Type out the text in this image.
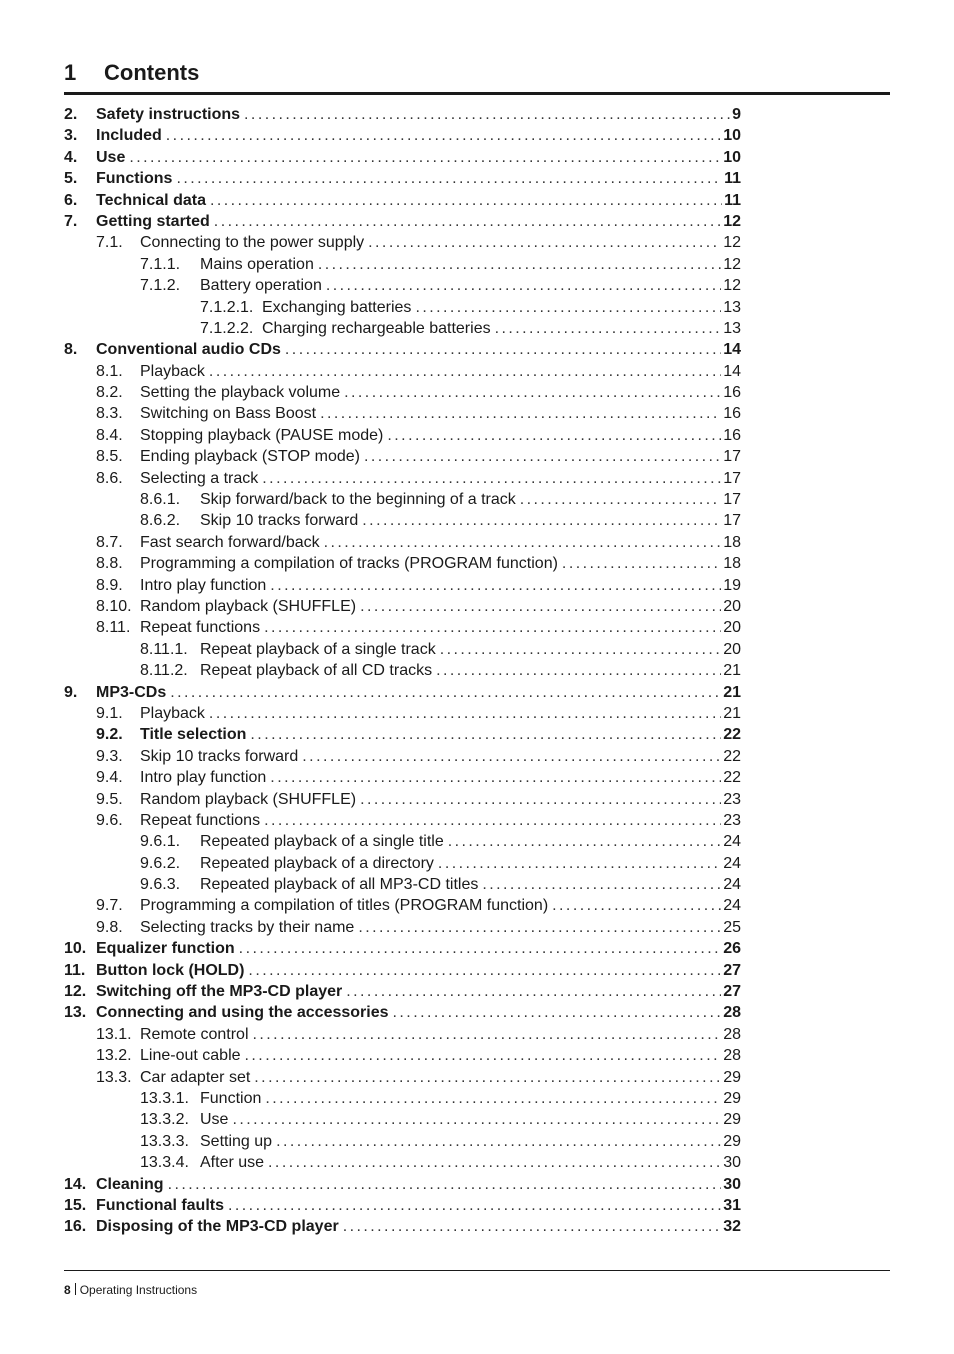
1	Contents
2.	Safety instructions . . .	9
3.	Included . . .	10
4.	Use . . .	10
5.	Functions . . .	11
6.	Technical data . . .	11
7.	Getting started . . .	12
7.1.	Connecting to the power supply . . .	12
7.1.1.	Mains operation . . .	12
7.1.2.	Battery operation . . .	12
7.1.2.1. Exchanging batteries . . .	13
7.1.2.2. Charging rechargeable batteries . . .	13
8.	Conventional audio CDs . . .	14
8.1.	Playback . . .	14
8.2.	Setting the playback volume . . .	16
8.3.	Switching on Bass Boost . . .	16
8.4.	Stopping playback (PAUSE mode) . . .	16
8.5.	Ending playback (STOP mode) . . .	17
8.6.	Selecting a track . . .	17
8.6.1.	Skip forward/back to the beginning of a track . . .	17
8.6.2.	Skip 10 tracks forward . . .	17
8.7.	Fast search forward/back . . .	18
8.8.	Programming a compilation of tracks (PROGRAM function) . . .	18
8.9.	Intro play function . . .	19
8.10. Random playback (SHUFFLE) . . .	20
8.11. Repeat functions . . .	20
8.11.1. Repeat playback of a single track . . .	20
8.11.2. Repeat playback of all CD tracks . . .	21
9.	MP3-CDs . . .	21
9.1.	Playback . . .	21
9.2.	Title selection . . .	22
9.3.	Skip 10 tracks forward . . .	22
9.4.	Intro play function . . .	22
9.5.	Random playback (SHUFFLE) . . .	23
9.6.	Repeat functions . . .	23
9.6.1.	Repeated playback of a single title . . .	24
9.6.2.	Repeated playback of a directory . . .	24
9.6.3.	Repeated playback of all MP3-CD titles . . .	24
9.7.	Programming a compilation of titles (PROGRAM function) . . .	24
9.8.	Selecting tracks by their name . . .	25
10. Equalizer function . . .	26
11. Button lock (HOLD) . . .	27
12. Switching off the MP3-CD player . . .	27
13. Connecting and using the accessories . . .	28
13.1. Remote control . . .	28
13.2. Line-out cable . . .	28
13.3. Car adapter set . . .	29
13.3.1. Function . . .	29
13.3.2. Use . . .	29
13.3.3. Setting up . . .	29
13.3.4. After use . . .	30
14. Cleaning . . .	30
15. Functional faults . . .	31
16. Disposing of the MP3-CD player . . .	32
8 Operating Instructions
